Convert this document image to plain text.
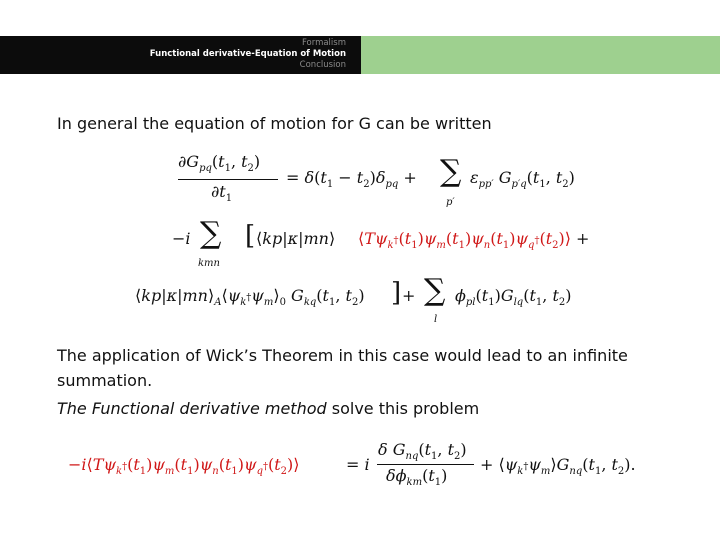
Formalism
Functional derivative-Equation of Motion
Conclusion
In general the equation of motion for G can be written
$\partial G_{pq}(t_1$, $t_2$)
$\partial t_1$
= $\delta(t_1 - t_2)\delta_{pq}$ + ∑
p′
$\varepsilon_{pp'}$ $G_{p'q}(t_1$, $t_2$)
−i ∑
kmn
[ ⟨kp|κ|mn⟩ $⟨T\psi_{k^\dagger}(t_1)\psi_m(t_1)\psi_n(t_1)\psi_{q^\dagger}(t_2)⟩$ +
$⟨kp|\kappa|mn⟩_A⟨\psi_{k^\dagger}\psi_m⟩_0$ $G_{kq}(t_1$, $t_2$) ] + ∑
l
$\phi_{pl}(t_1)G_{lq}(t_1$, $t_2$)
The application of Wick’s Theorem in this case would lead to an infinite
summation.
The Functional derivative method solve this problem
$-i⟨T\psi_{k^\dagger}(t_1)\psi_m(t_1)\psi_n(t_1)\psi_{q^\dagger}(t_2)⟩$	= i
δ $G_{nq}(t_1$, $t_2$)
$\delta\phi_{km}(t_1)$
+ $⟨\psi_{k^\dagger}\psi_m⟩G_{nq}(t_1$, $t_2$).
